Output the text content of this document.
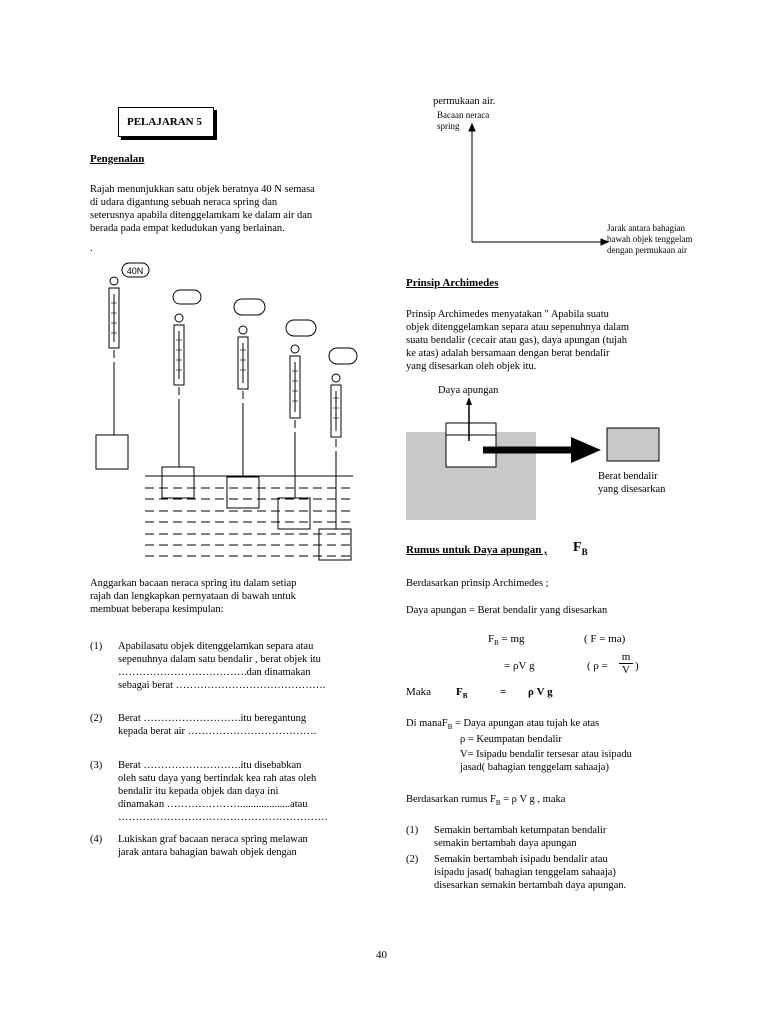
PELAJARAN 5
Pengenalan
Rajah menunjukkan satu objek beratnya 40 N semasa
di udara digantung sebuah neraca spring dan
seterusnya apabila ditenggelamkam ke dalam air dan
berada pada empat kedudukan yang berlainan.
.
40N
Anggarkan bacaan neraca spring itu dalam setiap
rajah dan lengkapkan pernyataan di bawah untuk
membuat beberapa kesimpulan:
(1)	Apabilasatu objek ditenggelamkan separa atau
sepenuhnya dalam satu bendalir , berat objek itu
……………………………….dan dinamakan
sebagai berat …………………………………….
(2)	Berat ……………………….itu beregantung
kepada berat air ……………………………….
(3)	Berat ……………………….itu disebabkan
oleh satu daya yang bertindak kea rah atas oleh
bendalir itu kepada objek dan daya ini
dinamakan …………………...................atau
……………………………………………………
(4)	Lukiskan graf bacaan neraca spring melawan
jarak antara bahagian bawah objek dengan
permukaan air.
Bacaan neraca
spring
Jarak antara bahagian
bawah objek tenggelam
dengan permukaan air
Prinsip Archimedes
Prinsip Archimedes menyatakan " Apabila suatu
objek ditenggelamkan separa atau sepenuhnya dalam
suatu bendalir (cecair atau gas), daya apungan (tujah
ke atas) adalah bersamaan dengan berat bendalir
yang disesarkan oleh objek itu.
Daya apungan
Berat bendalir
yang disesarkan
Rumus untuk Daya apungan , $F_B$
Berdasarkan prinsip Archimedes ;
Daya apungan = Berat bendalir yang disesarkan
$F_B$ = mg	( F = ma)
= ρV g	( $\rho = \frac{m}{V}$ )
Maka $F_B$	= ρ V g
Di manaF$_B$ = Daya apungan atau tujah ke atas
ρ = Keumpatan bendalir
V= Isipadu bendalir tersesar atau isipadu
jasad( bahagian tenggelam sahaaja)
Berdasarkan rumus $F_B = \rho$ V g , maka
(1)	Semakin bertambah ketumpatan bendalir
semakin bertambah daya apungan
(2)	Semakin bertambah isipadu bendalir atau
isipadu jasad( bahagian tenggelam sahaaja)
disesarkan semakin bertambah daya apungan.
40
